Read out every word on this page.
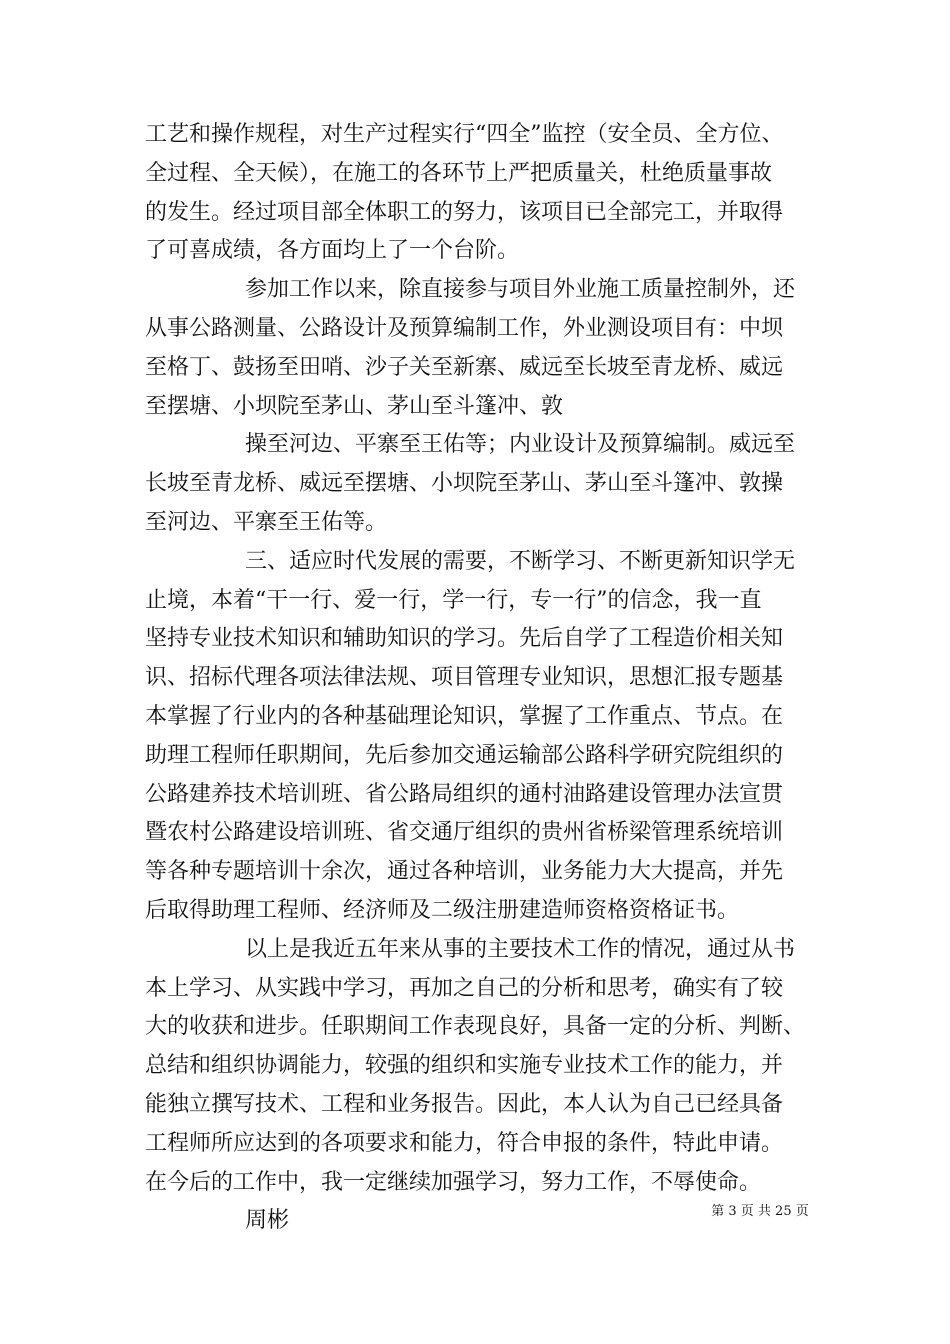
工艺和操作规程，对生产过程实行“四全”监控（安全员、全方位、
全过程、全天候），在施工的各环节上严把质量关，杜绝质量事故
的发生。经过项目部全体职工的努力，该项目已全部完工，并取得
了可喜成绩，各方面均上了一个台阶。
参加工作以来，除直接参与项目外业施工质量控制外，还
从事公路测量、公路设计及预算编制工作，外业测设项目有：中坝
至格丁、鼓扬至田哨、沙子关至新寨、威远至长坡至青龙桥、威远
至摆塘、小坝院至茅山、茅山至斗篷冲、敦
操至河边、平寨至王佑等；内业设计及预算编制。威远至
长坡至青龙桥、威远至摆塘、小坝院至茅山、茅山至斗篷冲、敦操
至河边、平寨至王佑等。
三、适应时代发展的需要，不断学习、不断更新知识学无
止境，本着“干一行、爱一行，学一行，专一行”的信念，我一直
坚持专业技术知识和辅助知识的学习。先后自学了工程造价相关知
识、招标代理各项法律法规、项目管理专业知识，思想汇报专题基
本掌握了行业内的各种基础理论知识，掌握了工作重点、节点。在
助理工程师任职期间，先后参加交通运输部公路科学研究院组织的
公路建养技术培训班、省公路局组织的通村油路建设管理办法宣贯
暨农村公路建设培训班、省交通厅组织的贵州省桥梁管理系统培训
等各种专题培训十余次，通过各种培训，业务能力大大提高，并先
后取得助理工程师、经济师及二级注册建造师资格资格证书。
以上是我近五年来从事的主要技术工作的情况，通过从书
本上学习、从实践中学习，再加之自己的分析和思考，确实有了较
大的收获和进步。任职期间工作表现良好，具备一定的分析、判断、
总结和组织协调能力，较强的组织和实施专业技术工作的能力，并
能独立撰写技术、工程和业务报告。因此，本人认为自己已经具备
工程师所应达到的各项要求和能力，符合申报的条件，特此申请。
在今后的工作中，我一定继续加强学习，努力工作，不辱使命。
周彬	第 3 页 共 25 页
